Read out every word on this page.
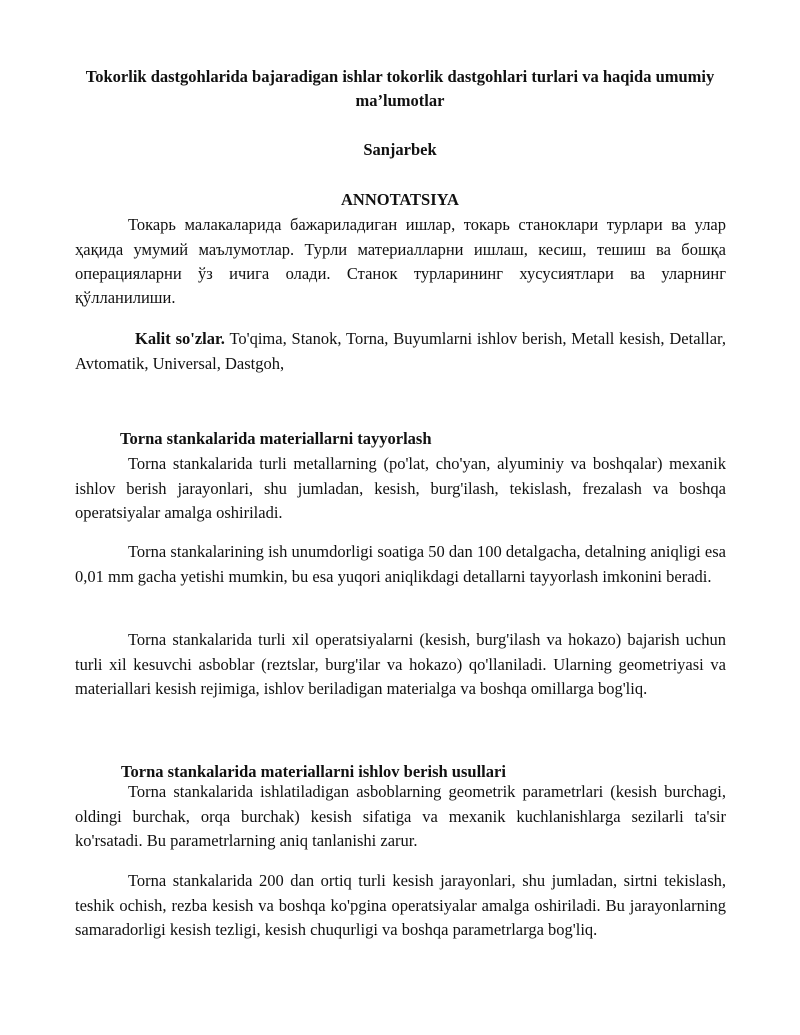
Tokorlik dastgohlarida bajaradigan ishlar tokorlik dastgohlari turlari va haqida umumiy ma’lumotlar
Sanjarbek
ANNOTATSIYA
Токарь малакаларида бажариладиган ишлар, токарь станоклари турлари ва улар ҳақида умумий маълумотлар. Турли материалларни ишлаш, кесиш, тешиш ва бошқа операцияларни ўз ичига олади. Станок турларининг хусусиятлари ва уларнинг
қўлланилиши.
Kalit so'zlar. To'qima, Stanok, Torna, Buyumlarni ishlov berish, Metall kesish, Detallar, Avtomatik, Universal, Dastgoh,
Torna stankalarida materiallarni tayyorlash
Torna stankalarida turli metallarning (po'lat, cho'yan, alyuminiy va boshqalar) mexanik ishlov berish jarayonlari, shu jumladan, kesish, burg'ilash, tekislash, frezalash va boshqa operatsiyalar amalga oshiriladi.
Torna stankalarining ish unumdorligi soatiga 50 dan 100 detalgacha, detalning aniqligi esa 0,01 mm gacha yetishi mumkin, bu esa yuqori aniqlikdagi detallarni tayyorlash imkonini beradi.
Torna stankalarida turli xil operatsiyalarni (kesish, burg'ilash va hokazo) bajarish uchun turli xil kesuvchi asboblar (reztslar, burg'ilar va hokazo) qo'llaniladi. Ularning geometriyasi va materiallari kesish rejimiga, ishlov beriladigan materialga va boshqa omillarga bog'liq.
Torna stankalarida materiallarni ishlov berish usullari
Torna stankalarida ishlatiladigan asboblarning geometrik parametrlari (kesish burchagi, oldingi burchak, orqa burchak) kesish sifatiga va mexanik kuchlanishlarga sezilarli ta'sir ko'rsatadi. Bu parametrlarning aniq tanlanishi zarur.
Torna stankalarida 200 dan ortiq turli kesish jarayonlari, shu jumladan, sirtni tekislash, teshik ochish, rezba kesish va boshqa ko'pgina operatsiyalar amalga oshiriladi. Bu jarayonlarning samaradorligi kesish tezligi, kesish chuqurligi va boshqa parametrlarga bog'liq.
